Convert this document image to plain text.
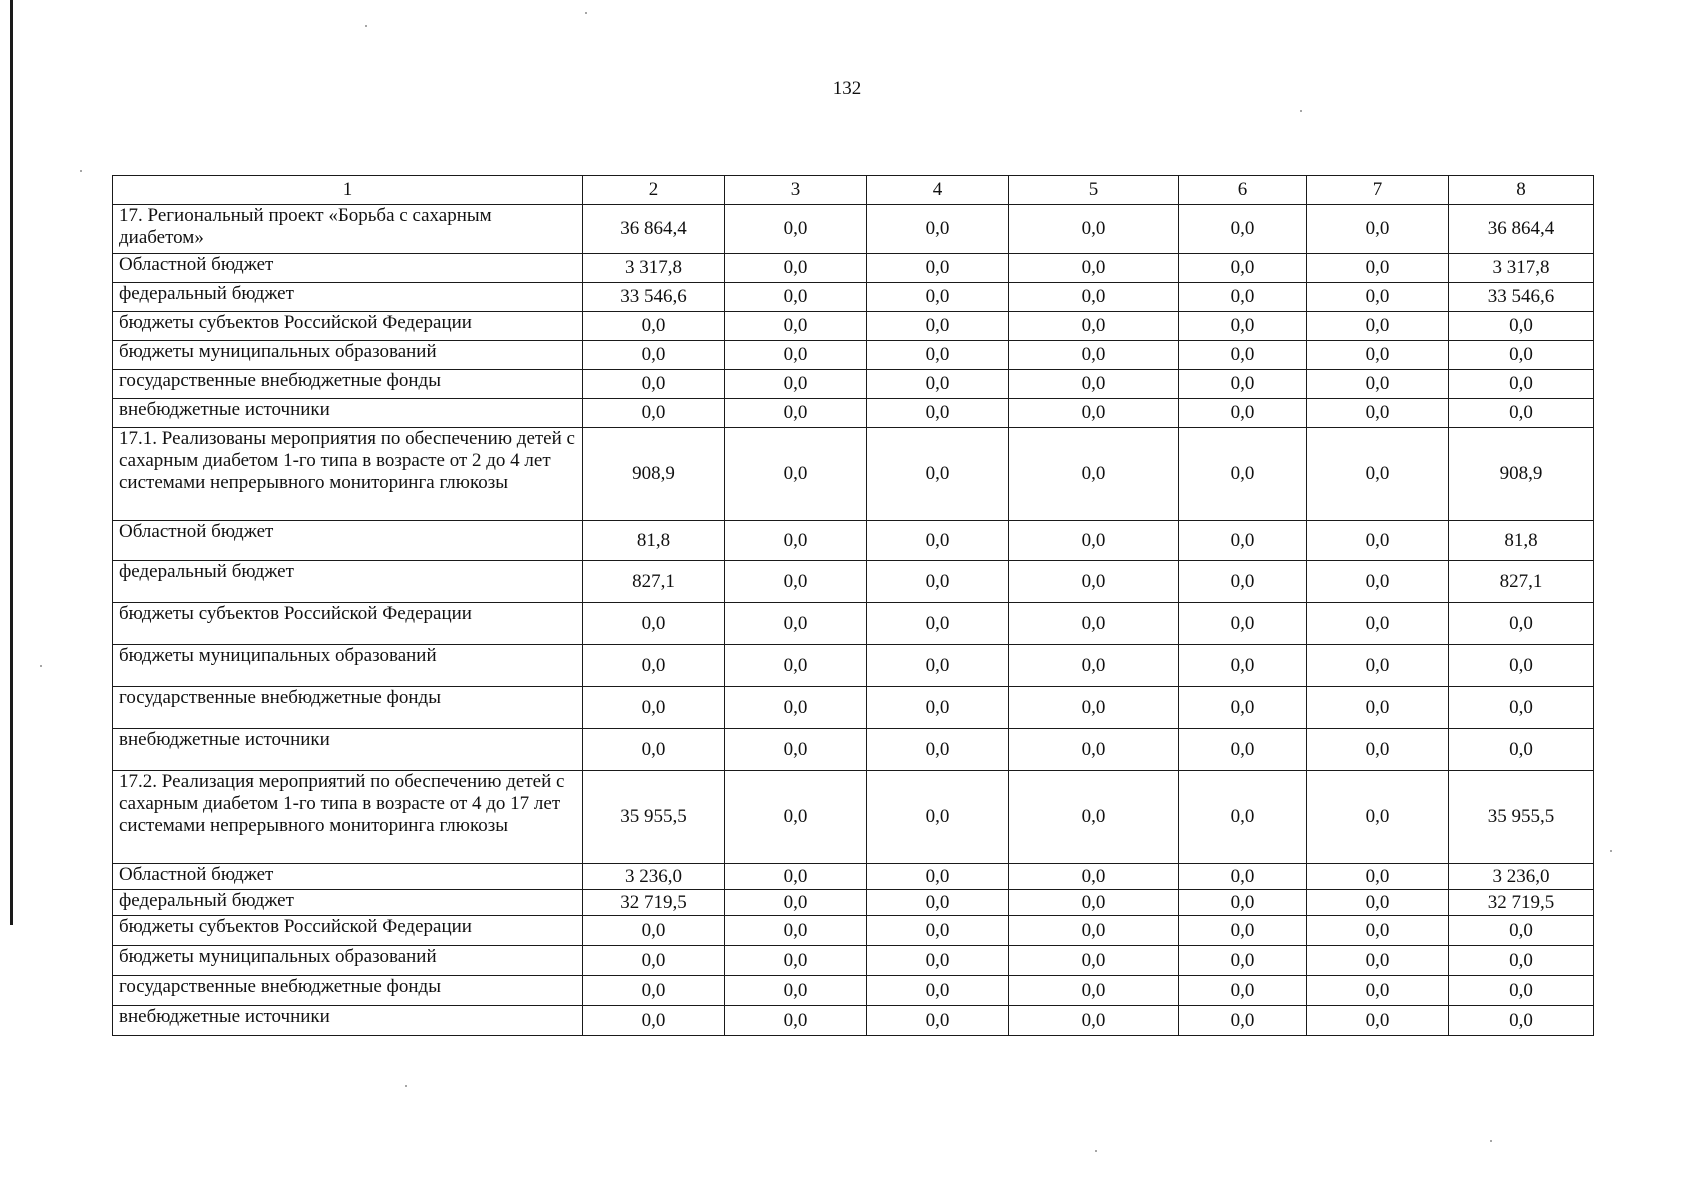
132
1	2	3	4	5	6	7	8
17. Региональный проект «Борьба с сахарным диабетом»	36 864,4	0,0	0,0	0,0	0,0	0,0	36 864,4
Областной бюджет	3 317,8	0,0	0,0	0,0	0,0	0,0	3 317,8
федеральный бюджет	33 546,6	0,0	0,0	0,0	0,0	0,0	33 546,6
бюджеты субъектов Российской Федерации	0,0	0,0	0,0	0,0	0,0	0,0	0,0
бюджеты муниципальных образований	0,0	0,0	0,0	0,0	0,0	0,0	0,0
государственные внебюджетные фонды	0,0	0,0	0,0	0,0	0,0	0,0	0,0
внебюджетные источники	0,0	0,0	0,0	0,0	0,0	0,0	0,0
17.1. Реализованы мероприятия по обеспечению детей с сахарным диабетом 1-го типа в возрасте от 2 до 4 лет системами непрерывного мониторинга глюкозы	908,9	0,0	0,0	0,0	0,0	0,0	908,9
Областной бюджет	81,8	0,0	0,0	0,0	0,0	0,0	81,8
федеральный бюджет	827,1	0,0	0,0	0,0	0,0	0,0	827,1
бюджеты субъектов Российской Федерации	0,0	0,0	0,0	0,0	0,0	0,0	0,0
бюджеты муниципальных образований	0,0	0,0	0,0	0,0	0,0	0,0	0,0
государственные внебюджетные фонды	0,0	0,0	0,0	0,0	0,0	0,0	0,0
внебюджетные источники	0,0	0,0	0,0	0,0	0,0	0,0	0,0
17.2. Реализация мероприятий по обеспечению детей с сахарным диабетом 1-го типа в возрасте от 4 до 17 лет системами непрерывного мониторинга глюкозы	35 955,5	0,0	0,0	0,0	0,0	0,0	35 955,5
Областной бюджет	3 236,0	0,0	0,0	0,0	0,0	0,0	3 236,0
федеральный бюджет	32 719,5	0,0	0,0	0,0	0,0	0,0	32 719,5
бюджеты субъектов Российской Федерации	0,0	0,0	0,0	0,0	0,0	0,0	0,0
бюджеты муниципальных образований	0,0	0,0	0,0	0,0	0,0	0,0	0,0
государственные внебюджетные фонды	0,0	0,0	0,0	0,0	0,0	0,0	0,0
внебюджетные источники	0,0	0,0	0,0	0,0	0,0	0,0	0,0
